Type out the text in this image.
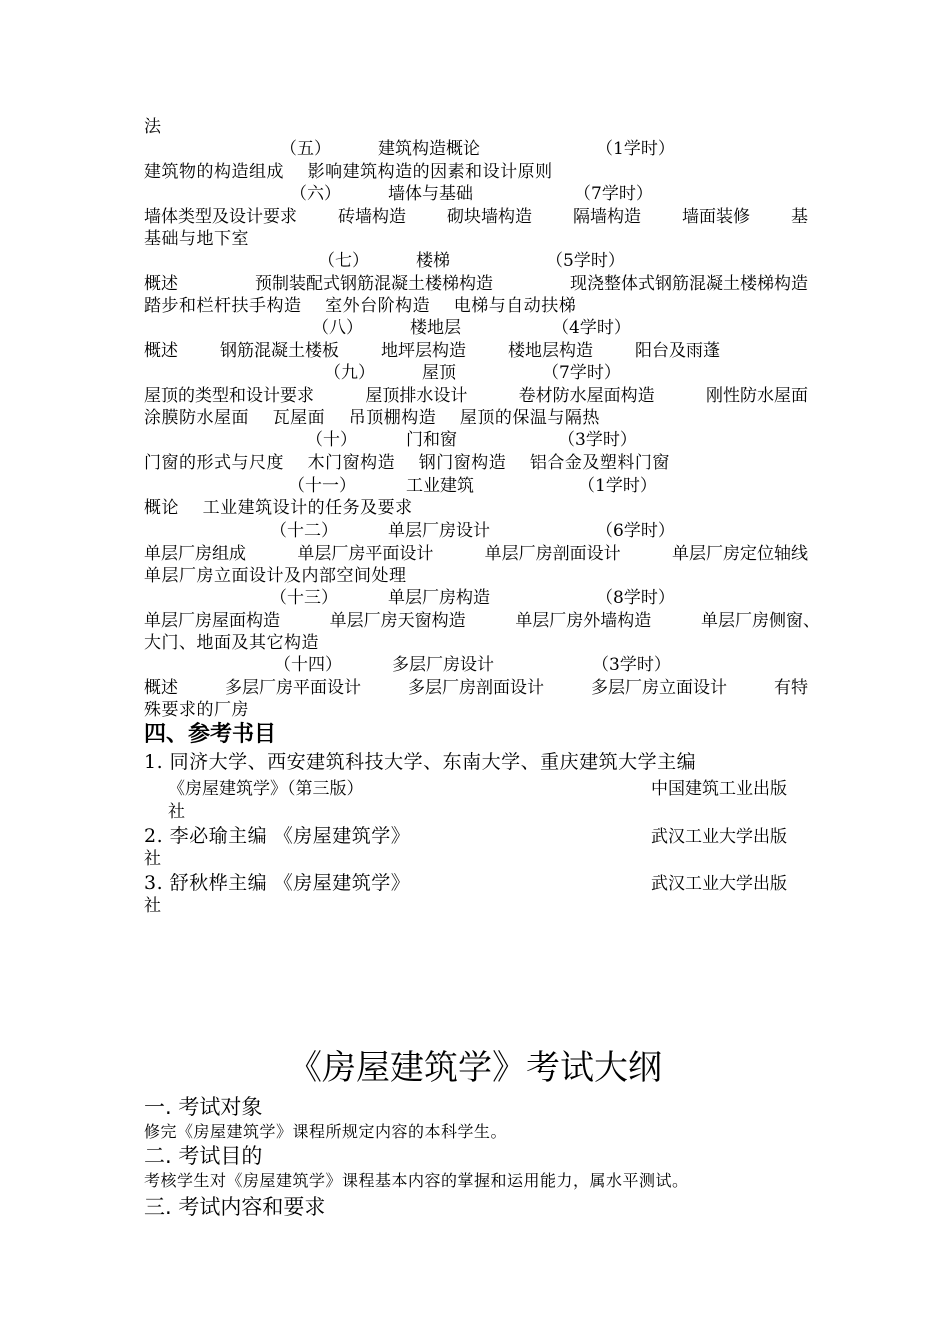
法
（五）	建筑构造概论	（1学时）
建筑物的构造组成    影响建筑构造的因素和设计原则
（六）	墙体与基础	（7学时）
墙体类型及设计要求 砖墙构造 砌块墙构造 隔墙构造 墙面装修 基
基础与地下室
（七）	楼梯	（5学时）
概述	预制装配式钢筋混凝土楼梯构造	现浇整体式钢筋混凝土楼梯构造
踏步和栏杆扶手构造    室外台阶构造    电梯与自动扶梯
（八）	楼地层	（4学时）
概述 钢筋混凝土楼板 地坪层构造 楼地层构造 阳台及雨蓬
（九）	屋顶	（7学时）
屋顶的类型和设计要求	屋顶排水设计	卷材防水屋面构造	刚性防水屋面
涂膜防水屋面    瓦屋面    吊顶棚构造    屋顶的保温与隔热
（十）	门和窗	（3学时）
门窗的形式与尺度    木门窗构造    钢门窗构造    铝合金及塑料门窗
（十一）	工业建筑	（1学时）
概论    工业建筑设计的任务及要求
（十二）	单层厂房设计	（6学时）
单层厂房组成	单层厂房平面设计	单层厂房剖面设计	单层厂房定位轴线
单层厂房立面设计及内部空间处理
（十三）	单层厂房构造	（8学时）
单层厂房屋面构造	单层厂房天窗构造	单层厂房外墙构造	单层厂房侧窗、
大门、地面及其它构造
（十四）	多层厂房设计	（3学时）
概述	多层厂房平面设计	多层厂房剖面设计	多层厂房立面设计	有特
殊要求的厂房
四、参考书目
1. 同济大学、西安建筑科技大学、东南大学、重庆建筑大学主编
《房屋建筑学》（第三版）	中国建筑工业出版
社
2. 李必瑜主编 《房屋建筑学》	武汉工业大学出版
社
3. 舒秋桦主编 《房屋建筑学》	武汉工业大学出版
社
《房屋建筑学》考试大纲
一. 考试对象
修完《房屋建筑学》课程所规定内容的本科学生。
二. 考试目的
考核学生对《房屋建筑学》课程基本内容的掌握和运用能力，属水平测试。
三. 考试内容和要求
